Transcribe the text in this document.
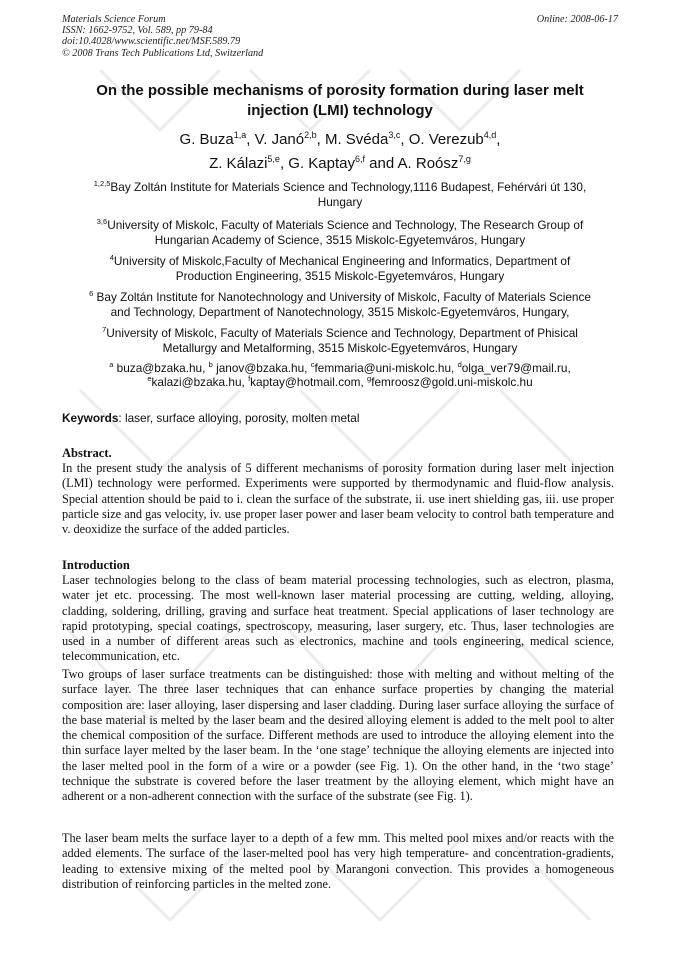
Materials Science Forum
ISSN: 1662-9752, Vol. 589, pp 79-84
doi:10.4028/www.scientific.net/MSF.589.79
© 2008 Trans Tech Publications Ltd, Switzerland
Online: 2008-06-17
On the possible mechanisms of porosity formation during laser melt
injection (LMI) technology
G. Buza$^{1,a}$, V. Janó$^{2,b}$, M. Svéda$^{3,c}$, O. Verezub$^{4,d}$,
Z. Kálazi$^{5,e}$, G. Kaptay$^{6,f}$ and A. Roósz$^{7,g}$
$^{1,2,5}$Bay Zoltán Institute for Materials Science and Technology,1116 Budapest, Fehérvári út 130,
Hungary
$^{3,6}$University of Miskolc, Faculty of Materials Science and Technology, The Research Group of
Hungarian Academy of Science, 3515 Miskolc-Egyetemváros, Hungary
$^4$University of Miskolc,Faculty of Mechanical Engineering and Informatics, Department of
Production Engineering, 3515 Miskolc-Egyetemváros, Hungary
$^6$ Bay Zoltán Institute for Nanotechnology and University of Miskolc, Faculty of Materials Science
and Technology, Department of Nanotechnology, 3515 Miskolc-Egyetemváros, Hungary,
$^7$University of Miskolc, Faculty of Materials Science and Technology, Department of Phisical
Metallurgy and Metalforming, 3515 Miskolc-Egyetemváros, Hungary
$^a$ buza@bzaka.hu, $^b$ janov@bzaka.hu, $^c$femmaria@uni-miskolc.hu, $^d$olga_ver79@mail.ru,
$^e$kalazi@bzaka.hu, $^f$kaptay@hotmail.com, $^g$femroosz@gold.uni-miskolc.hu
Keywords: laser, surface alloying, porosity, molten metal
Abstract.
In the present study the analysis of 5 different mechanisms of porosity formation during laser melt injection (LMI) technology were performed. Experiments were supported by thermodynamic and fluid-flow analysis. Special attention should be paid to i. clean the surface of the substrate, ii. use inert shielding gas, iii. use proper particle size and gas velocity, iv. use proper laser power and laser beam velocity to control bath temperature and v. deoxidize the surface of the added particles.
Introduction
Laser technologies belong to the class of beam material processing technologies, such as electron, plasma, water jet etc. processing. The most well-known laser material processing are cutting, welding, alloying, cladding, soldering, drilling, graving and surface heat treatment. Special applications of laser technology are rapid prototyping, special coatings, spectroscopy, measuring, laser surgery, etc. Thus, laser technologies are used in a number of different areas such as electronics, machine and tools engineering, medical science, telecommunication, etc.
Two groups of laser surface treatments can be distinguished: those with melting and without melting of the surface layer. The three laser techniques that can enhance surface properties by changing the material composition are: laser alloying, laser dispersing and laser cladding. During laser surface alloying the surface of the base material is melted by the laser beam and the desired alloying element is added to the melt pool to alter the chemical composition of the surface. Different methods are used to introduce the alloying element into the thin surface layer melted by the laser beam. In the ‘one stage’ technique the alloying elements are injected into the laser melted pool in the form of a wire or a powder (see Fig. 1). On the other hand, in the ‘two stage’ technique the substrate is covered before the laser treatment by the alloying element, which might have an adherent or a non-adherent connection with the surface of the substrate (see Fig. 1).
The laser beam melts the surface layer to a depth of a few mm. This melted pool mixes and/or reacts with the added elements. The surface of the laser-melted pool has very high temperature- and concentration-gradients, leading to extensive mixing of the melted pool by Marangoni convection. This provides a homogeneous distribution of reinforcing particles in the melted zone.
